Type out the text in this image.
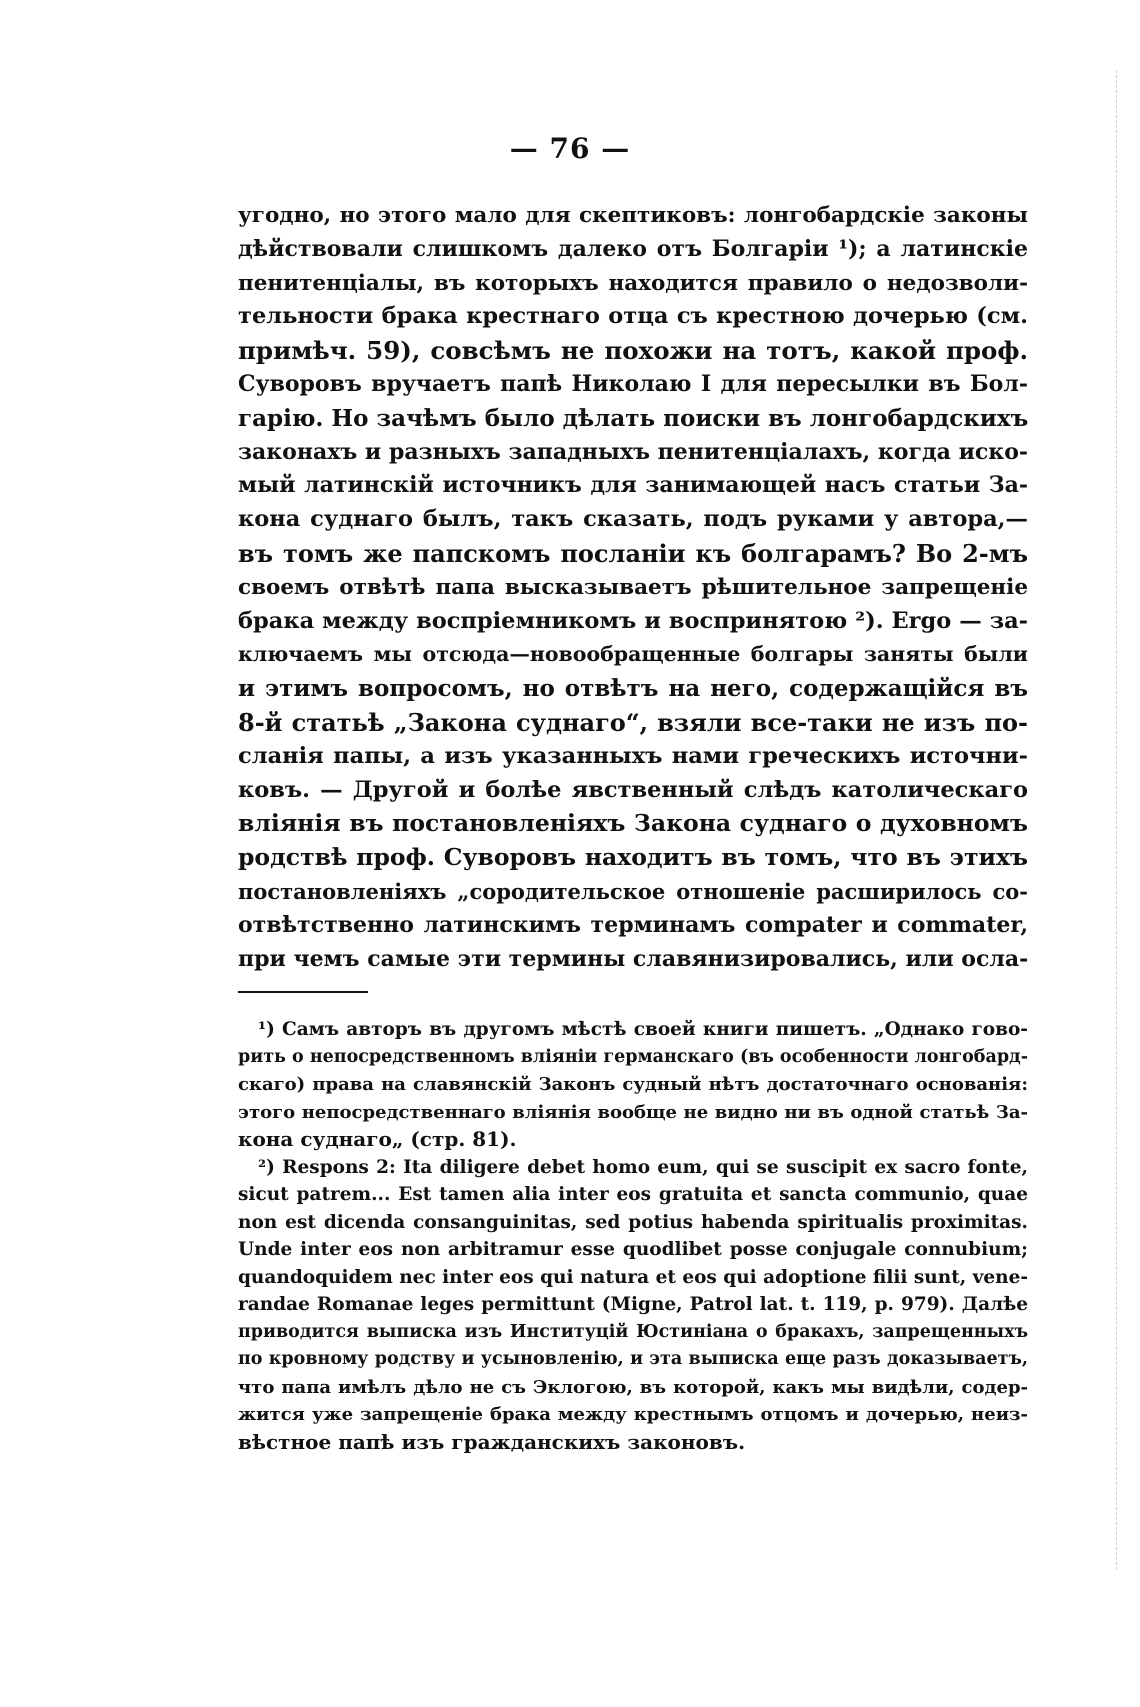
— 76 —
угодно, но этого мало для скептиковъ: лонгобардскіе законы
дѣйствовали слишкомъ далеко отъ Болгаріи ¹); а латинскіе
пенитенціалы, въ которыхъ находится правило о недозволи-
тельности брака крестнаго отца съ крестною дочерью (см.
примѣч. 59), совсѣмъ не похожи на тотъ, какой проф.
Суворовъ вручаетъ папѣ Николаю I для пересылки въ Бол-
гарію. Но зачѣмъ было дѣлать поиски въ лонгобардскихъ
законахъ и разныхъ западныхъ пенитенціалахъ, когда иско-
мый латинскій источникъ для занимающей насъ статьи За-
кона суднаго былъ, такъ сказать, подъ руками у автора,—
въ томъ же папскомъ посланіи къ болгарамъ? Во 2-мъ
своемъ отвѣтѣ папа высказываетъ рѣшительное запрещеніе
брака между воспріемникомъ и воспринятою ²). Ergo — за-
ключаемъ мы отсюда—новообращенные болгары заняты были
и этимъ вопросомъ, но отвѣтъ на него, содержащійся въ
8-й статьѣ „Закона суднаго“, взяли все-таки не изъ по-
сланія папы, а изъ указанныхъ нами греческихъ источни-
ковъ. — Другой и болѣе явственный слѣдъ католическаго
вліянія въ постановленіяхъ Закона суднаго о духовномъ
родствѣ проф. Суворовъ находитъ въ томъ, что въ этихъ
постановленіяхъ „сородительское отношеніе расширилось со-
отвѣтственно латинскимъ терминамъ compater и commater,
при чемъ самые эти термины славянизировались, или осла-
¹) Самъ авторъ въ другомъ мѣстѣ своей книги пишетъ. „Однако гово-
рить о непосредственномъ вліяніи германскаго (въ особенности лонгобард-
скаго) права на славянскій Законъ судный нѣтъ достаточнаго основанія:
этого непосредственнаго вліянія вообще не видно ни въ одной статьѣ За-
кона суднаго„ (стр. 81).
²) Respons 2: Ita diligere debet homo eum, qui se suscipit ex sacro fonte,
sicut patrem... Est tamen alia inter eos gratuita et sancta communio, quae
non est dicenda consanguinitas, sed potius habenda spiritualis proximitas.
Unde inter eos non arbitramur esse quodlibet posse conjugale connubium;
quandoquidem nec inter eos qui natura et eos qui adoptione filii sunt, vene-
randae Romanae leges permittunt (Migne, Patrol lat. t. 119, p. 979). Далѣе
приводится выписка изъ Институцій Юстиніана о бракахъ, запрещенныхъ
по кровному родству и усыновленію, и эта выписка еще разъ доказываетъ,
что папа имѣлъ дѣло не съ Эклогою, въ которой, какъ мы видѣли, содер-
жится уже запрещеніе брака между крестнымъ отцомъ и дочерью, неиз-
вѣстное папѣ изъ гражданскихъ законовъ.
